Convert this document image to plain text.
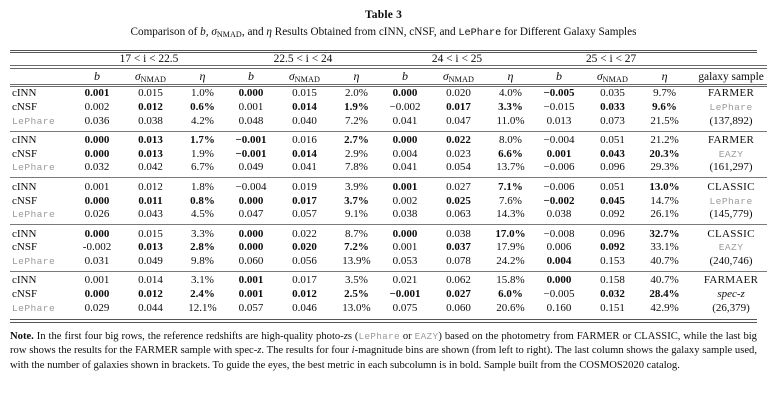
Table 3
Comparison of b, $\sigma_{NMAD}$, and η Results Obtained from cINN, cNSF, and LePhare for Different Galaxy Samples
	17 < i < 22.5			22.5 < i < 24			24 < i < 25			25 < i < 27			

	b	$\sigma_{NMAD}$	η	b	$\sigma_{NMAD}$	η	b	$\sigma_{NMAD}$	η	b	$\sigma_{NMAD}$	η	galaxy sample

cINN	0.001	0.015	1.0%	0.000	0.015	2.0%	0.000	0.020	4.0%	−0.005	0.035	9.7%	FARMER
cNSF	0.002	0.012	0.6%	0.001	0.014	1.9%	−0.002	0.017	3.3%	−0.015	0.033	9.6%	LePhare
LePhare	0.036	0.038	4.2%	0.048	0.040	7.2%	0.041	0.047	11.0%	0.013	0.073	21.5%	(137,892)

cINN	0.000	0.013	1.7%	−0.001	0.016	2.7%	0.000	0.022	8.0%	−0.004	0.051	21.2%	FARMER
cNSF	0.000	0.013	1.9%	−0.001	0.014	2.9%	0.004	0.023	6.6%	0.001	0.043	20.3%	EAZY
LePhare	0.032	0.042	6.7%	0.049	0.041	7.8%	0.041	0.054	13.7%	−0.006	0.096	29.3%	(161,297)

cINN	0.001	0.012	1.8%	−0.004	0.019	3.9%	0.001	0.027	7.1%	−0.006	0.051	13.0%	CLASSIC
cNSF	0.000	0.011	0.8%	0.000	0.017	3.7%	0.002	0.025	7.6%	−0.002	0.045	14.7%	LePhare
LePhare	0.026	0.043	4.5%	0.047	0.057	9.1%	0.038	0.063	14.3%	0.038	0.092	26.1%	(145,779)

cINN	0.000	0.015	3.3%	0.000	0.022	8.7%	0.000	0.038	17.0%	−0.008	0.096	32.7%	CLASSIC
cNSF	-0.002	0.013	2.8%	0.000	0.020	7.2%	0.001	0.037	17.9%	0.006	0.092	33.1%	EAZY
LePhare	0.031	0.049	9.8%	0.060	0.056	13.9%	0.053	0.078	24.2%	0.004	0.153	40.7%	(240,746)

cINN	0.001	0.014	3.1%	0.001	0.017	3.5%	0.021	0.062	15.8%	0.000	0.158	40.7%	FARMAER
cNSF	0.000	0.012	2.4%	0.001	0.012	2.5%	−0.001	0.027	6.0%	−0.005	0.032	28.4%	spec-z
LePhare	0.029	0.044	12.1%	0.057	0.046	13.0%	0.075	0.060	20.6%	0.160	0.151	42.9%	(26,379)
Note. In the first four big rows, the reference redshifts are high-quality photo-zs (LePhare or EAZY) based on the photometry from FARMER or CLASSIC, while the last big row shows the results for the FARMER sample with spec-z. The results for four i-magnitude bins are shown (from left to right). The last column shows the galaxy sample used, with the number of galaxies shown in brackets. To guide the eyes, the best metric in each subcolumn is in bold. Sample built from the COSMOS2020 catalog.
